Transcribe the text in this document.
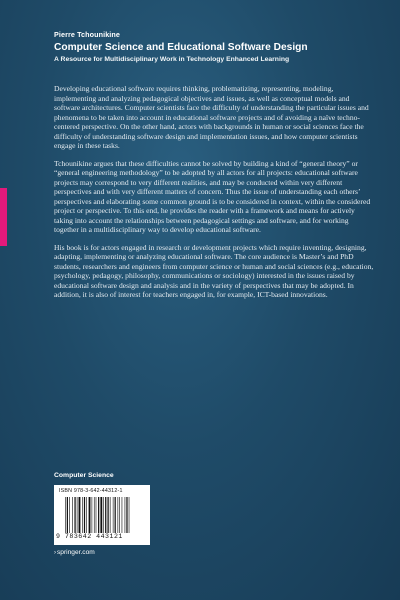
Pierre Tchounikine
Computer Science and Educational Software Design
A Resource for Multidisciplinary Work in Technology Enhanced Learning

Developing educational software requires thinking, problematizing, representing, modeling, implementing and analyzing pedagogical objectives and issues, as well as conceptual models and software architectures. Computer scientists face the difficulty of understanding the particular issues and phenomena to be taken into account in educational software projects and of avoiding a naïve techno-centered perspective. On the other hand, actors with backgrounds in human or social sciences face the difficulty of understanding software design and implementation issues, and how computer scientists engage in these tasks.

Tchounikine argues that these difficulties cannot be solved by building a kind of “general theory” or “general engineering methodology” to be adopted by all actors for all projects: educational software projects may correspond to very different realities, and may be conducted within very different perspectives and with very different matters of concern. Thus the issue of understanding each others’ perspectives and elaborating some common ground is to be considered in context, within the considered project or perspective. To this end, he provides the reader with a framework and means for actively taking into account the relationships between pedagogical settings and software, and for working together in a multidisciplinary way to develop educational software.

His book is for actors engaged in research or development projects which require inventing, designing, adapting, implementing or analyzing educational software. The core audience is Master’s and PhD students, researchers and engineers from computer science or human and social sciences (e.g., education, psychology, pedagogy, philosophy, communications or sociology) interested in the issues raised by educational software design and analysis and in the variety of perspectives that may be adopted. In addition, it is also of interest for teachers engaged in, for example, ICT-based innovations.

Computer Science
ISBN 978-3-642-44312-1
9 783642 443121
›springer.com
